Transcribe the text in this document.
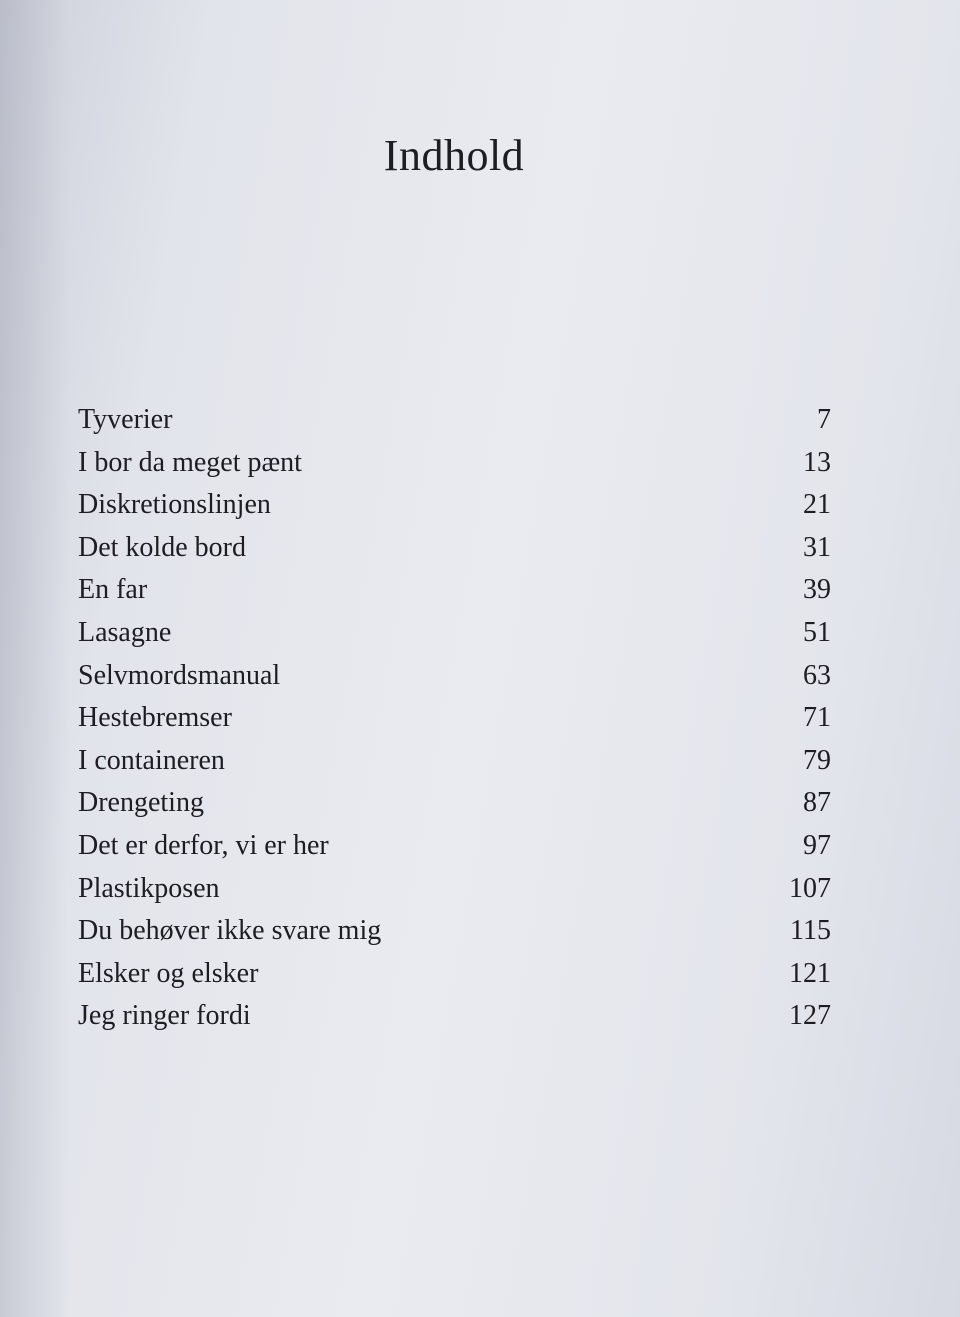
Indhold
Tyverier	7
I bor da meget pænt	13
Diskretionslinjen	21
Det kolde bord	31
En far	39
Lasagne	51
Selvmordsmanual	63
Hestebremser	71
I containeren	79
Drengeting	87
Det er derfor, vi er her	97
Plastikposen	107
Du behøver ikke svare mig	115
Elsker og elsker	121
Jeg ringer fordi	127
